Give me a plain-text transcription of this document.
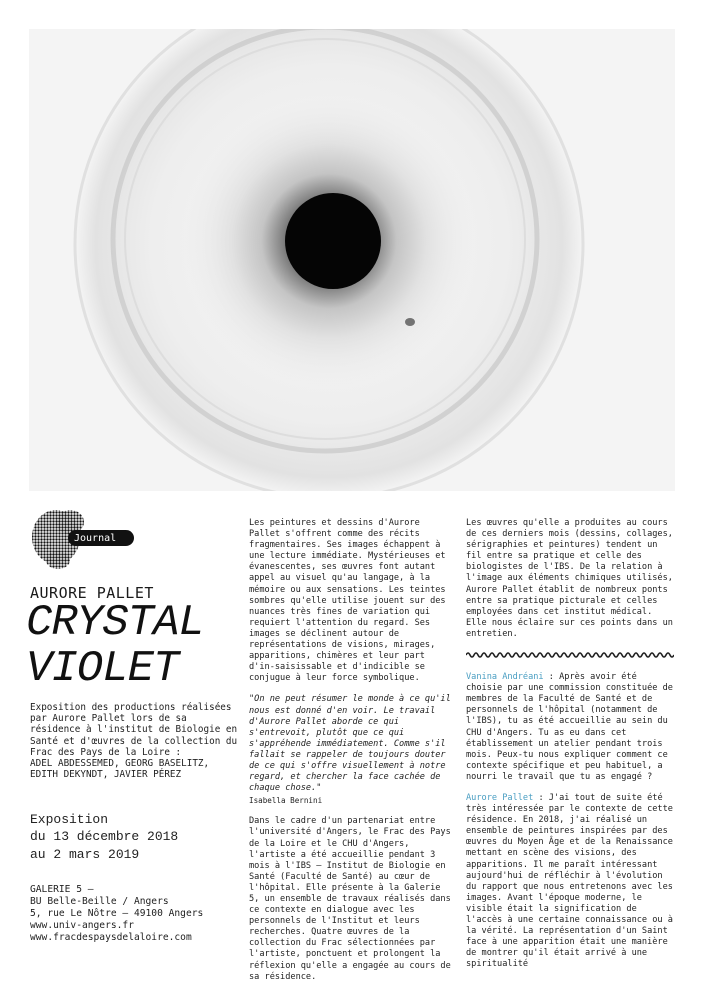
Journal
AURORE PALLET
CRYSTAL
VIOLET
Exposition des productions réalisées par Aurore Pallet lors de sa résidence à l'institut de Biologie en Santé et d'œuvres de la collection du Frac des Pays de la Loire :
ADEL ABDESSEMED, GEORG BASELITZ, EDITH DEKYNDT, JAVIER PÉREZ
Exposition
du 13 décembre 2018
au 2 mars 2019
GALERIE 5 –
BU Belle-Beille / Angers
5, rue Le Nôtre – 49100 Angers
www.univ-angers.fr
www.fracdespaysdelaloire.com

Les peintures et dessins d'Aurore Pallet s'offrent comme des récits fragmentaires. Ses images échappent à une lecture immédiate. Mystérieuses et évanescentes, ses œuvres font autant appel au visuel qu'au langage, à la mémoire ou aux sensations. Les teintes sombres qu'elle utilise jouent sur des nuances très fines de variation qui requiert l'attention du regard. Ses images se déclinent autour de représentations de visions, mirages, apparitions, chimères et leur part d'in-saisissable et d'indicible se conjugue à leur force symbolique.

"On ne peut résumer le monde à ce qu'il nous est donné d'en voir. Le travail d'Aurore Pallet aborde ce qui s'entrevoit, plutôt que ce qui s'appréhende immédiatement. Comme s'il fallait se rappeler de toujours douter de ce qui s'offre visuellement à notre regard, et chercher la face cachée de chaque chose."

Isabella Bernini

Dans le cadre d'un partenariat entre l'université d'Angers, le Frac des Pays de la Loire et le CHU d'Angers, l'artiste a été accueillie pendant 3 mois à l'IBS – Institut de Biologie en Santé (Faculté de Santé) au cœur de l'hôpital. Elle présente à la Galerie 5, un ensemble de travaux réalisés dans ce contexte en dialogue avec les personnels de l'Institut et leurs recherches. Quatre œuvres de la collection du Frac sélectionnées par l'artiste, ponctuent et prolongent la réflexion qu'elle a engagée au cours de sa résidence.

Les œuvres qu'elle a produites au cours de ces derniers mois (dessins, collages, sérigraphies et peintures) tendent un fil entre sa pratique et celle des biologistes de l'IBS. De la relation à l'image aux éléments chimiques utilisés, Aurore Pallet établit de nombreux ponts entre sa pratique picturale et celles employées dans cet institut médical. Elle nous éclaire sur ces points dans un entretien.

Vanina Andréani : Après avoir été choisie par une commission constituée de membres de la Faculté de Santé et de personnels de l'hôpital (notamment de l'IBS), tu as été accueillie au sein du CHU d'Angers. Tu as eu dans cet établissement un atelier pendant trois mois. Peux-tu nous expliquer comment ce contexte spécifique et peu habituel, a nourri le travail que tu as engagé ?

Aurore Pallet : J'ai tout de suite été très intéressée par le contexte de cette résidence. En 2018, j'ai réalisé un ensemble de peintures inspirées par des œuvres du Moyen Âge et de la Renaissance mettant en scène des visions, des apparitions. Il me paraît intéressant aujourd'hui de réfléchir à l'évolution du rapport que nous entretenons avec les images. Avant l'époque moderne, le visible était la signification de l'accès à une certaine connaissance ou à la vérité. La représentation d'un Saint face à une apparition était une manière de montrer qu'il était arrivé à une spiritualité
